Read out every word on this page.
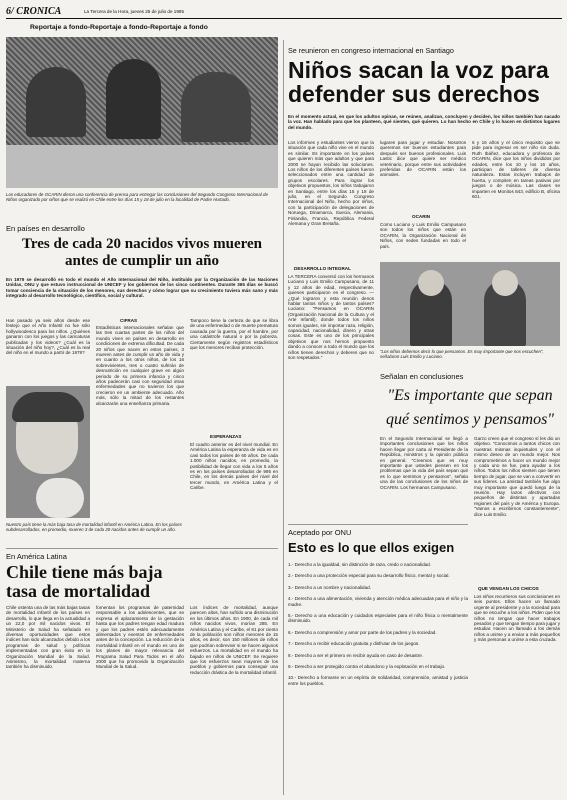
6/ CRONICA	La Tercera de la Hora, jueves 25 de julio de 1985
Reportaje a fondo-Reportaje a fondo-Reportaje a fondo
Los educadores de OCARIN dieron una conferencia de prensa para entregar las conclusiones del Segundo Congreso Internacional de Niños organizado por niños que se realizó en Chile entre los días 15 y 18 de julio en la localidad de Padre Hurtado.
En países en desarrollo
Tres de cada 20 nacidos vivos mueren antes de cumplir un año
En 1979 se desarrolló en todo el mundo el Año Internacional del Niño, instituido por la Organización de las Naciones Unidas, ONU y que estuvo instruccional de UNICEF y los gobiernos de los cinco continentes. Durante 365 días se buscó tomar conciencia de la situación de los menores, sus derechos y cómo lograr que su crecimiento tuviera más sano y más integrado al desarrollo tecnológico, científico, social y cultural.
Han pasado ya seis años desde ese festejo que el Año Infantil no fue sólo hollywoodesco para los niños. ¿Quiénes ganaron con los juegos y las caricaturas publicadas y los videos? ¿Cuál es la situación del niño hoy?, ¿Cuál es la real del niño en el mundo a partir de 1979?
CIFRAS
Estadísticas internacionales señalan que las tres cuartas partes de los niños del mundo viven en países en desarrollo en condiciones de extrema dificultad. De cada 20 niños que nacen en estos países, 3 mueren antes de cumplir un año de vida y en cuanto a los otros niños, de los 16 sobrevivientes, tres o cuatro sufrirán de desnutrición en cualquier grave en algún periodo de su primera infancia y cinco años padecerán casi con seguridad otras enfermedades que no tuvieron los que crecieron en un ambiente adecuado. Año más, sólo la mitad de los restantes alcanzarán una enseñanza primaria.
Tampoco tiene la certeza de que se libra de una enfermedad o de muerte prematura causada por la guerra, por el hambre, por una catástrofe natural o por la pobreza. Ciertamente según registros estadísticos que los menores reciban protección.
ESPERANZAS
El cuadro anterior es del nivel mundial. En América Latina la esperanza de vida es en casi todos los países de 60 años. De cada 1.000 niños nacidos, en promedio, la posibilidad de llegar con vida a los 5 años es en los países desarrollados de 995 en Chile, en los demás países del nivel del tercer mundo, en América Latina y el Caribe.
Nuestro país tiene la más baja tasa de mortalidad infantil en América Latina. En los países subdesarrollados, en promedio, mueren 3 de cada 20 nacidos antes de cumplir un año.
En América Latina
Chile tiene más baja tasa de mortalidad
Chile ostenta una de las más bajas tasas de mortalidad infantil de los países en desarrollo, lo que llega en la actualidad a un 22,0 por mil nacidos vivos. El Ministerio de Salud ha señalado en diversas oportunidades que estos índices han sido alcanzados debido a los programas de salud y políticas implementadas con gran éxito en la Organización Mundial de la Salud. Asimismo, la mortalidad materna también ha disminuido.
fomentan los programas de paternidad responsable a los adolescentes, que se expresa el aplazamiento de la gestación hasta que los padres tengan edad madura y que los padres estén adecuadamente alimentados y exentos de enfermedades antes de la concepción. La reducción de la mortalidad infantil en el mundo es uno de los planes de mayor relevancia del Programa Salud Para Todos en el año 2000 que ha promovido la Organización Mundial de la Salud.
Los índices de mortalidad, aunque parecen altos, han sufrido una disminución en los últimos años. En 1900, de cada mil niños nacidos vivos, morían 285. En América Latina y el Caribe, el 81 por ciento de la población son niños menores de 15 años, es decir, son 150 millones de niños que podrían sobrevivir si se hacen algunos esfuerzos. La mortalidad en el mundo ha bajado en niños de UNICEF. Se requiere que los esfuerzos sean mayores de los pueblos y gobiernos para conseguir una reducción drástica de la mortalidad infantil.
Se reunieron en congreso internacional en Santiago
Niños sacan la voz para defender sus derechos
En el momento actual, en que los adultos opinan, se reúnen, analizan, concluyen y deciden, los niños también han sacado la voz. Han hablado para que los planteen, qué sienten, qué quieren. Lo han hecho en Chile y lo hacen en distintos lugares del mundo.
Los informes y estudiantes vieron que la situación que cada niño vive en el mundo es similar. Es importante en los países que quieren más que adultos y que para 2000 se hayan recibido las soluciones. Los niños de los diferentes países fueron seleccionados entre una cantidad de grupos escolares. Para lograr los objetivos propuestos, los niños trabajaron en Santiago, entre los días 15 y 18 de julio, en el Segundo Congreso Internacional del Niño, hecho por niños, con la participación de delegaciones de Noruega, Dinamarca, Suecia, Alemania, Finlandia, Francia, República Federal Alemana y Gran Bretaña.
lugares para jugar y estudiar. Nosotros queremos ser buenos estudiantes para después ser buenos profesionales. Luis Lastic dice que quiere ser médico veterinario, porque entre sus actividades preferidas de OCARIN están los animales.
OCARIN
Como Luciano y Luis Emilio Campusano son todos los niños que están en OCARIN, la Organización Nacional de Niños, con sedes fundadas en todo el país.
6 y 16 años y el único requisito que se pide para ingresar es ser niño sin duda. Ruth Ibáñez, educadora y profesora de OCARIN, dice que los niños divididos por edades, entre los 10 y los 16 años, participan de talleres de diversa naturaleza. Estas incluyen trabajos de huerta, y compiten en tareas pasivas por juegos o de música. Las clases se imparten en Monitos 843, edificio B, oficina 601.
DESARROLLO INTEGRAL
LA TERCERA conversó con los hermanos Luciano y Luis Emilio Campusano, de 11 y 12 años de edad, respectivamente, quienes participaron en el congreso. —¿Qué lograron y esta reunión denos hablar tantos niños y de tantos países? Luciano: "Pensamos en OCARIN (Organización Nacional de la Cultura y el Arte Infantil), donde todos los niños somos iguales, sin importar raza, religión, capacidad, nacionalidad, dinero y otras cosas. Este es uno de los principales objetivos que nos hemos propuesto dando a conocer a todo el mundo que los niños tienen derechos y deberes que no son respetados."
"Los niños debemos decir lo que pensamos. Es muy importante que nos escuchen", señalaron Luis Emilio y Luciano.
Señalan en conclusiones
"Es importante que sepan qué sentimos y pensamos"
En el Segundo Internacional se llegó a importantes conclusiones que los niños hacen llegar por carta al Presidente de la República, ministros y la opinión pública en general. "Creemos que es muy importante que ustedes piensen en los problemas que la vida del país sepan qué es lo que sentimos y pensamos", señala una de las conclusiones de los niños de OCARIN. Los hermanos Campusano.
Garzo creen que el congreso sí les dio un objetivo. "Conocimos a tantos chicos con nuestras mismas inquietudes y con el mismo deseo de un mundo mejor. Nos comprometimos a hacer un mundo mejor y cada uno se fue, para ayudar a los niños. Todos los niños sienten que tienen tiempo de jugar, que se van a convertir en sus líderes. La amistad también fue algo muy importante que quedó luego de la reunión. Hay lazos afectivos con pequeños de distintas y apartadas regiones del país y de América y Europa. "Vamos a escribirnos constantemente", dice Luis Emilio.
QUE VENGAN LOS CHICOS
Los niños recurrieron sus conclusiones en seis puntos. Ellos hacen un llamado urgente al presidente y a la sociedad para que se escuche a los niños. Piden que los niños no tengan que hacer trabajos pesados y que tengan tiempo para jugar y estudiar. Hacen un llamado a los demás niños a unirse y a enviar a más pequeños y más personas a unirse a esta cruzada.
Aceptado por ONU
Esto es lo que ellos exigen
1.- Derecho a la igualdad, sin distinción de raza, credo o nacionalidad.
2.- Derecho a una protección especial para su desarrollo físico, mental y social.
3.- Derecho a un nombre y nacionalidad.
4.- Derecho a una alimentación, vivienda y atención médica adecuadas para el niño y la madre.
5.- Derecho a una educación y cuidados especiales para el niño física o mentalmente disminuido.
6.- Derecho a comprensión y amor por parte de los padres y la sociedad.
7.- Derecho a recibir educación gratuita y disfrutar de los juegos.
8.- Derecho a ser el primero en recibir ayuda en caso de desastre.
9.- Derecho a ser protegido contra el abandono y la explotación en el trabajo.
10.- Derecho a formarse en un espíritu de solidaridad, comprensión, amistad y justicia entre los pueblos.
